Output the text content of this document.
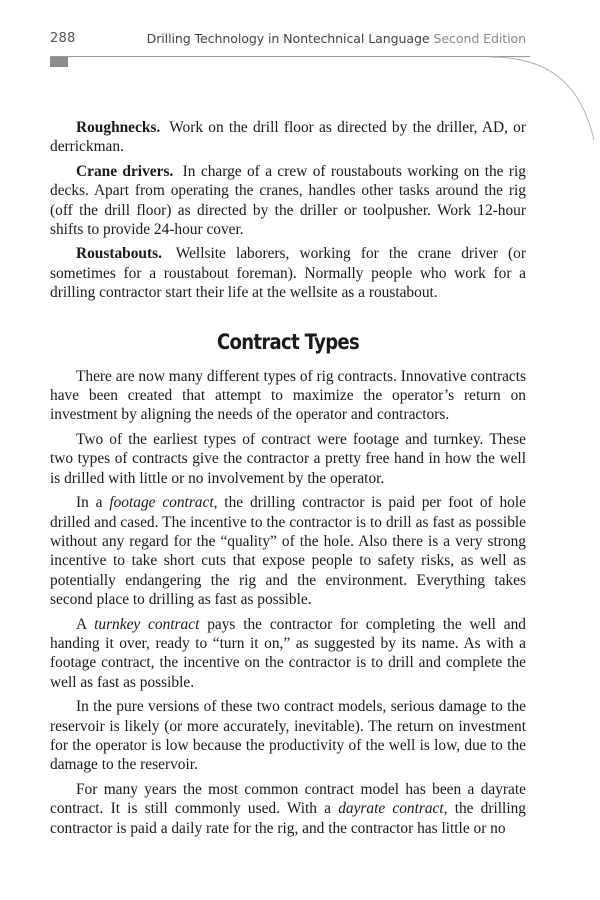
288	Drilling Technology in Nontechnical Language Second Edition

Roughnecks. Work on the drill floor as directed by the driller, AD, or derrickman.

Crane drivers. In charge of a crew of roustabouts working on the rig decks. Apart from operating the cranes, handles other tasks around the rig (off the drill floor) as directed by the driller or toolpusher. Work 12-hour shifts to provide 24-hour cover.

Roustabouts. Wellsite laborers, working for the crane driver (or sometimes for a roustabout foreman). Normally people who work for a drilling contractor start their life at the wellsite as a roustabout.

Contract Types

There are now many different types of rig contracts. Innovative contracts have been created that attempt to maximize the operator’s return on investment by aligning the needs of the operator and contractors.

Two of the earliest types of contract were footage and turnkey. These two types of contracts give the contractor a pretty free hand in how the well is drilled with little or no involvement by the operator.

In a footage contract, the drilling contractor is paid per foot of hole drilled and cased. The incentive to the contractor is to drill as fast as possible without any regard for the “quality” of the hole. Also there is a very strong incentive to take short cuts that expose people to safety risks, as well as potentially endangering the rig and the environment. Everything takes second place to drilling as fast as possible.

A turnkey contract pays the contractor for completing the well and handing it over, ready to “turn it on,” as suggested by its name. As with a footage contract, the incentive on the contractor is to drill and complete the well as fast as possible.

In the pure versions of these two contract models, serious damage to the reservoir is likely (or more accurately, inevitable). The return on investment for the operator is low because the productivity of the well is low, due to the damage to the reservoir.

For many years the most common contract model has been a dayrate contract. It is still commonly used. With a dayrate contract, the drilling contractor is paid a daily rate for the rig, and the contractor has little or no
